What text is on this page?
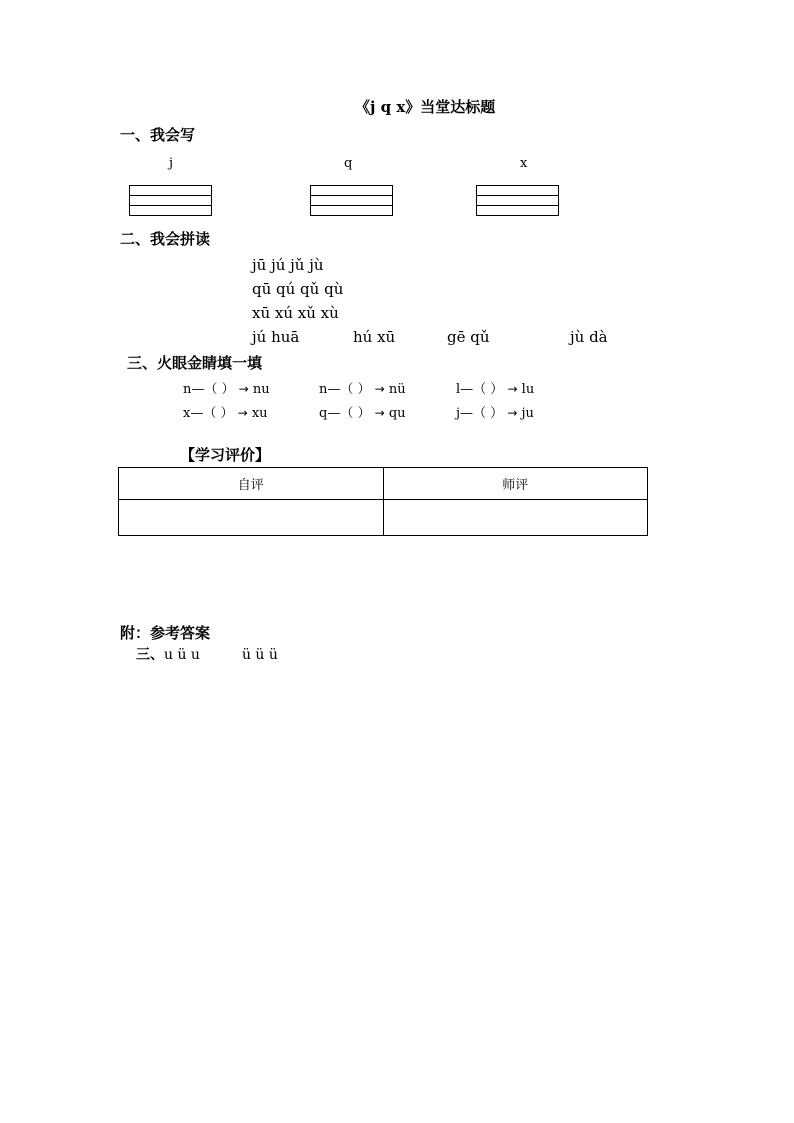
《j q x》当堂达标题
一、我会写
j	q	x
二、我会拼读
jū jú jǔ jù
qū qú qǔ qù
xū xú xǔ xù
jú huā	hú xū	gē qǔ	jù dà
三、火眼金睛填一填
n—（ ） → nu	n—（ ） → nü	l—（ ） → lu
x—（ ） → xu	q—（ ） → qu	j—（ ） → ju
【学习评价】
自评	师评

附：参考答案
三、u ü u	ü ü ü
